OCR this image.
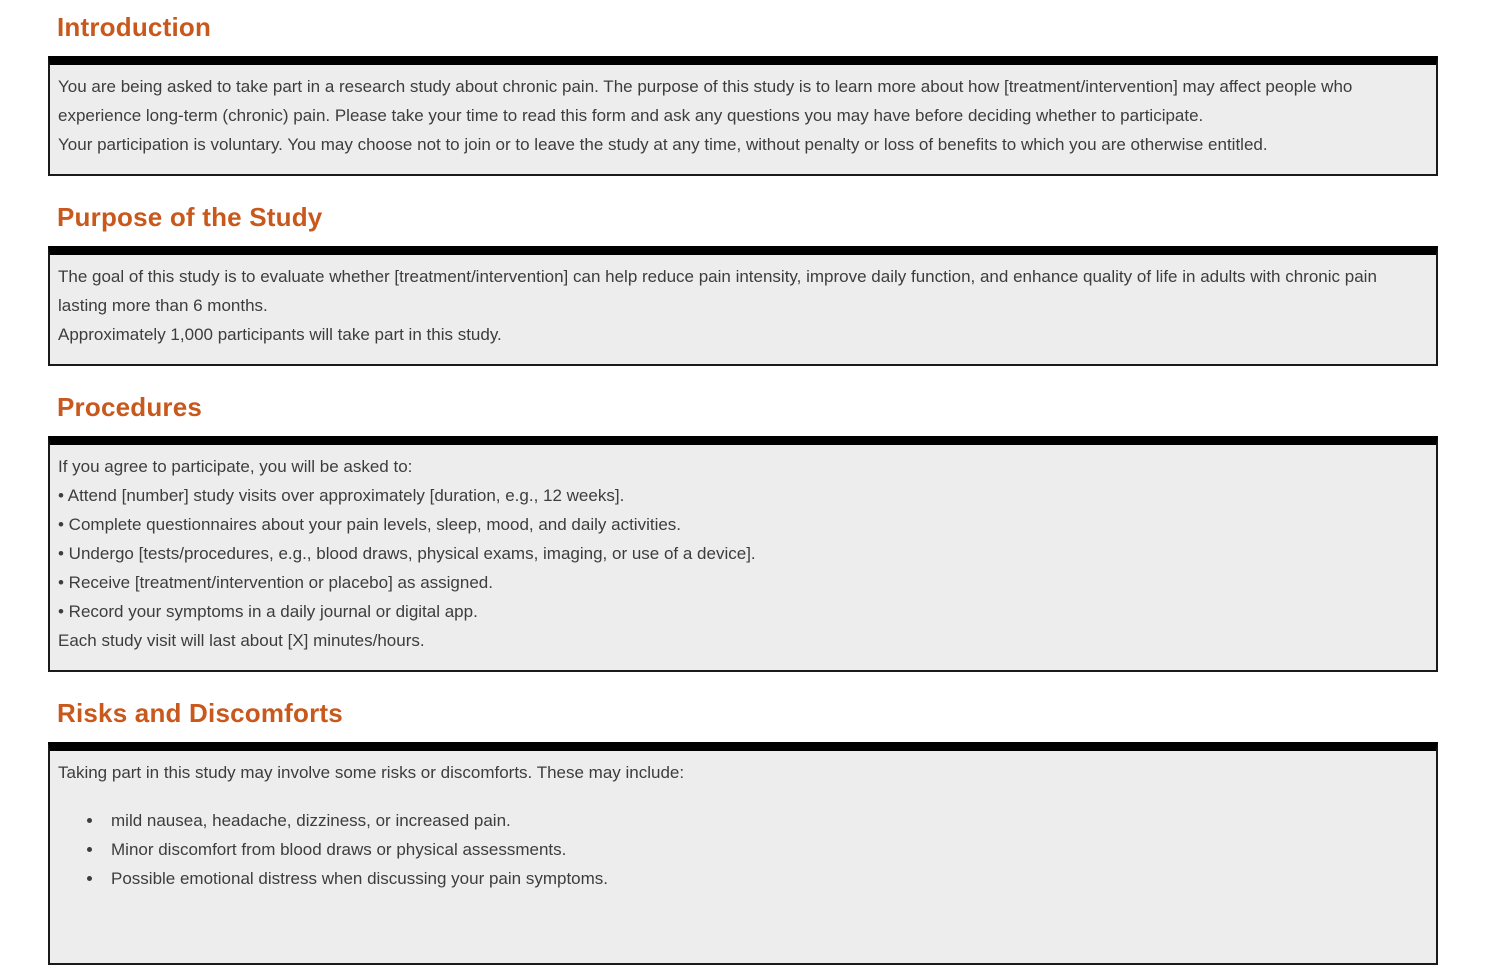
Introduction

You are being asked to take part in a research study about chronic pain. The purpose of this study is to learn more about how [treatment/intervention] may affect people who experience long-term (chronic) pain. Please take your time to read this form and ask any questions you may have before deciding whether to participate.

Your participation is voluntary. You may choose not to join or to leave the study at any time, without penalty or loss of benefits to which you are otherwise entitled.

Purpose of the Study

The goal of this study is to evaluate whether [treatment/intervention] can help reduce pain intensity, improve daily function, and enhance quality of life in adults with chronic pain lasting more than 6 months.

Approximately 1,000 participants will take part in this study.

Procedures

If you agree to participate, you will be asked to:

• Attend [number] study visits over approximately [duration, e.g., 12 weeks].

• Complete questionnaires about your pain levels, sleep, mood, and daily activities.

• Undergo [tests/procedures, e.g., blood draws, physical exams, imaging, or use of a device].

• Receive [treatment/intervention or placebo] as assigned.

• Record your symptoms in a daily journal or digital app.

Each study visit will last about [X] minutes/hours.

Risks and Discomforts

Taking part in this study may involve some risks or discomforts. These may include:

• mild nausea, headache, dizziness, or increased pain.
• Minor discomfort from blood draws or physical assessments.
• Possible emotional distress when discussing your pain symptoms.
